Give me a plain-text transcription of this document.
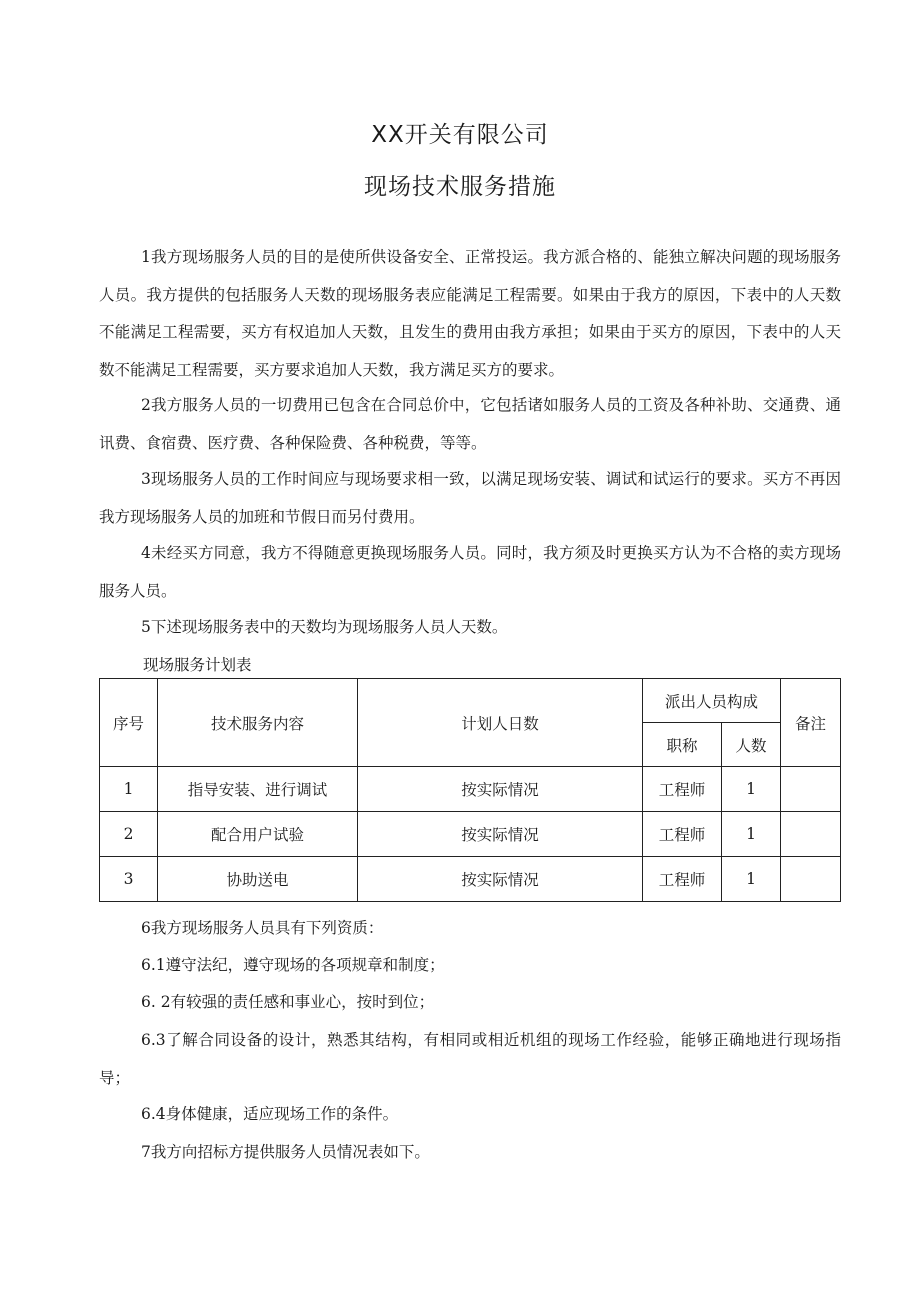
XX开关有限公司
现场技术服务措施

1我方现场服务人员的目的是使所供设备安全、正常投运。我方派合格的、能独立解决问题的现场服务人员。我方提供的包括服务人天数的现场服务表应能满足工程需要。如果由于我方的原因，下表中的人天数不能满足工程需要，买方有权追加人天数，且发生的费用由我方承担；如果由于买方的原因，下表中的人天数不能满足工程需要，买方要求追加人天数，我方满足买方的要求。

2我方服务人员的一切费用已包含在合同总价中，它包括诸如服务人员的工资及各种补助、交通费、通讯费、食宿费、医疗费、各种保险费、各种税费，等等。

3现场服务人员的工作时间应与现场要求相一致，以满足现场安装、调试和试运行的要求。买方不再因我方现场服务人员的加班和节假日而另付费用。

4未经买方同意，我方不得随意更换现场服务人员。同时，我方须及时更换买方认为不合格的卖方现场服务人员。

5下述现场服务表中的天数均为现场服务人员人天数。

现场服务计划表
序号	技术服务内容	计划人日数	派出人员构成		备注
			职称	人数	
1	指导安装、进行调试	按实际情况	工程师	1	
2	配合用户试验	按实际情况	工程师	1	
3	协助送电	按实际情况	工程师	1	

6我方现场服务人员具有下列资质：

6.1遵守法纪，遵守现场的各项规章和制度；

6. 2有较强的责任感和事业心，按时到位；

6.3了解合同设备的设计，熟悉其结构，有相同或相近机组的现场工作经验，能够正确地进行现场指导；

6.4身体健康，适应现场工作的条件。

7我方向招标方提供服务人员情况表如下。
